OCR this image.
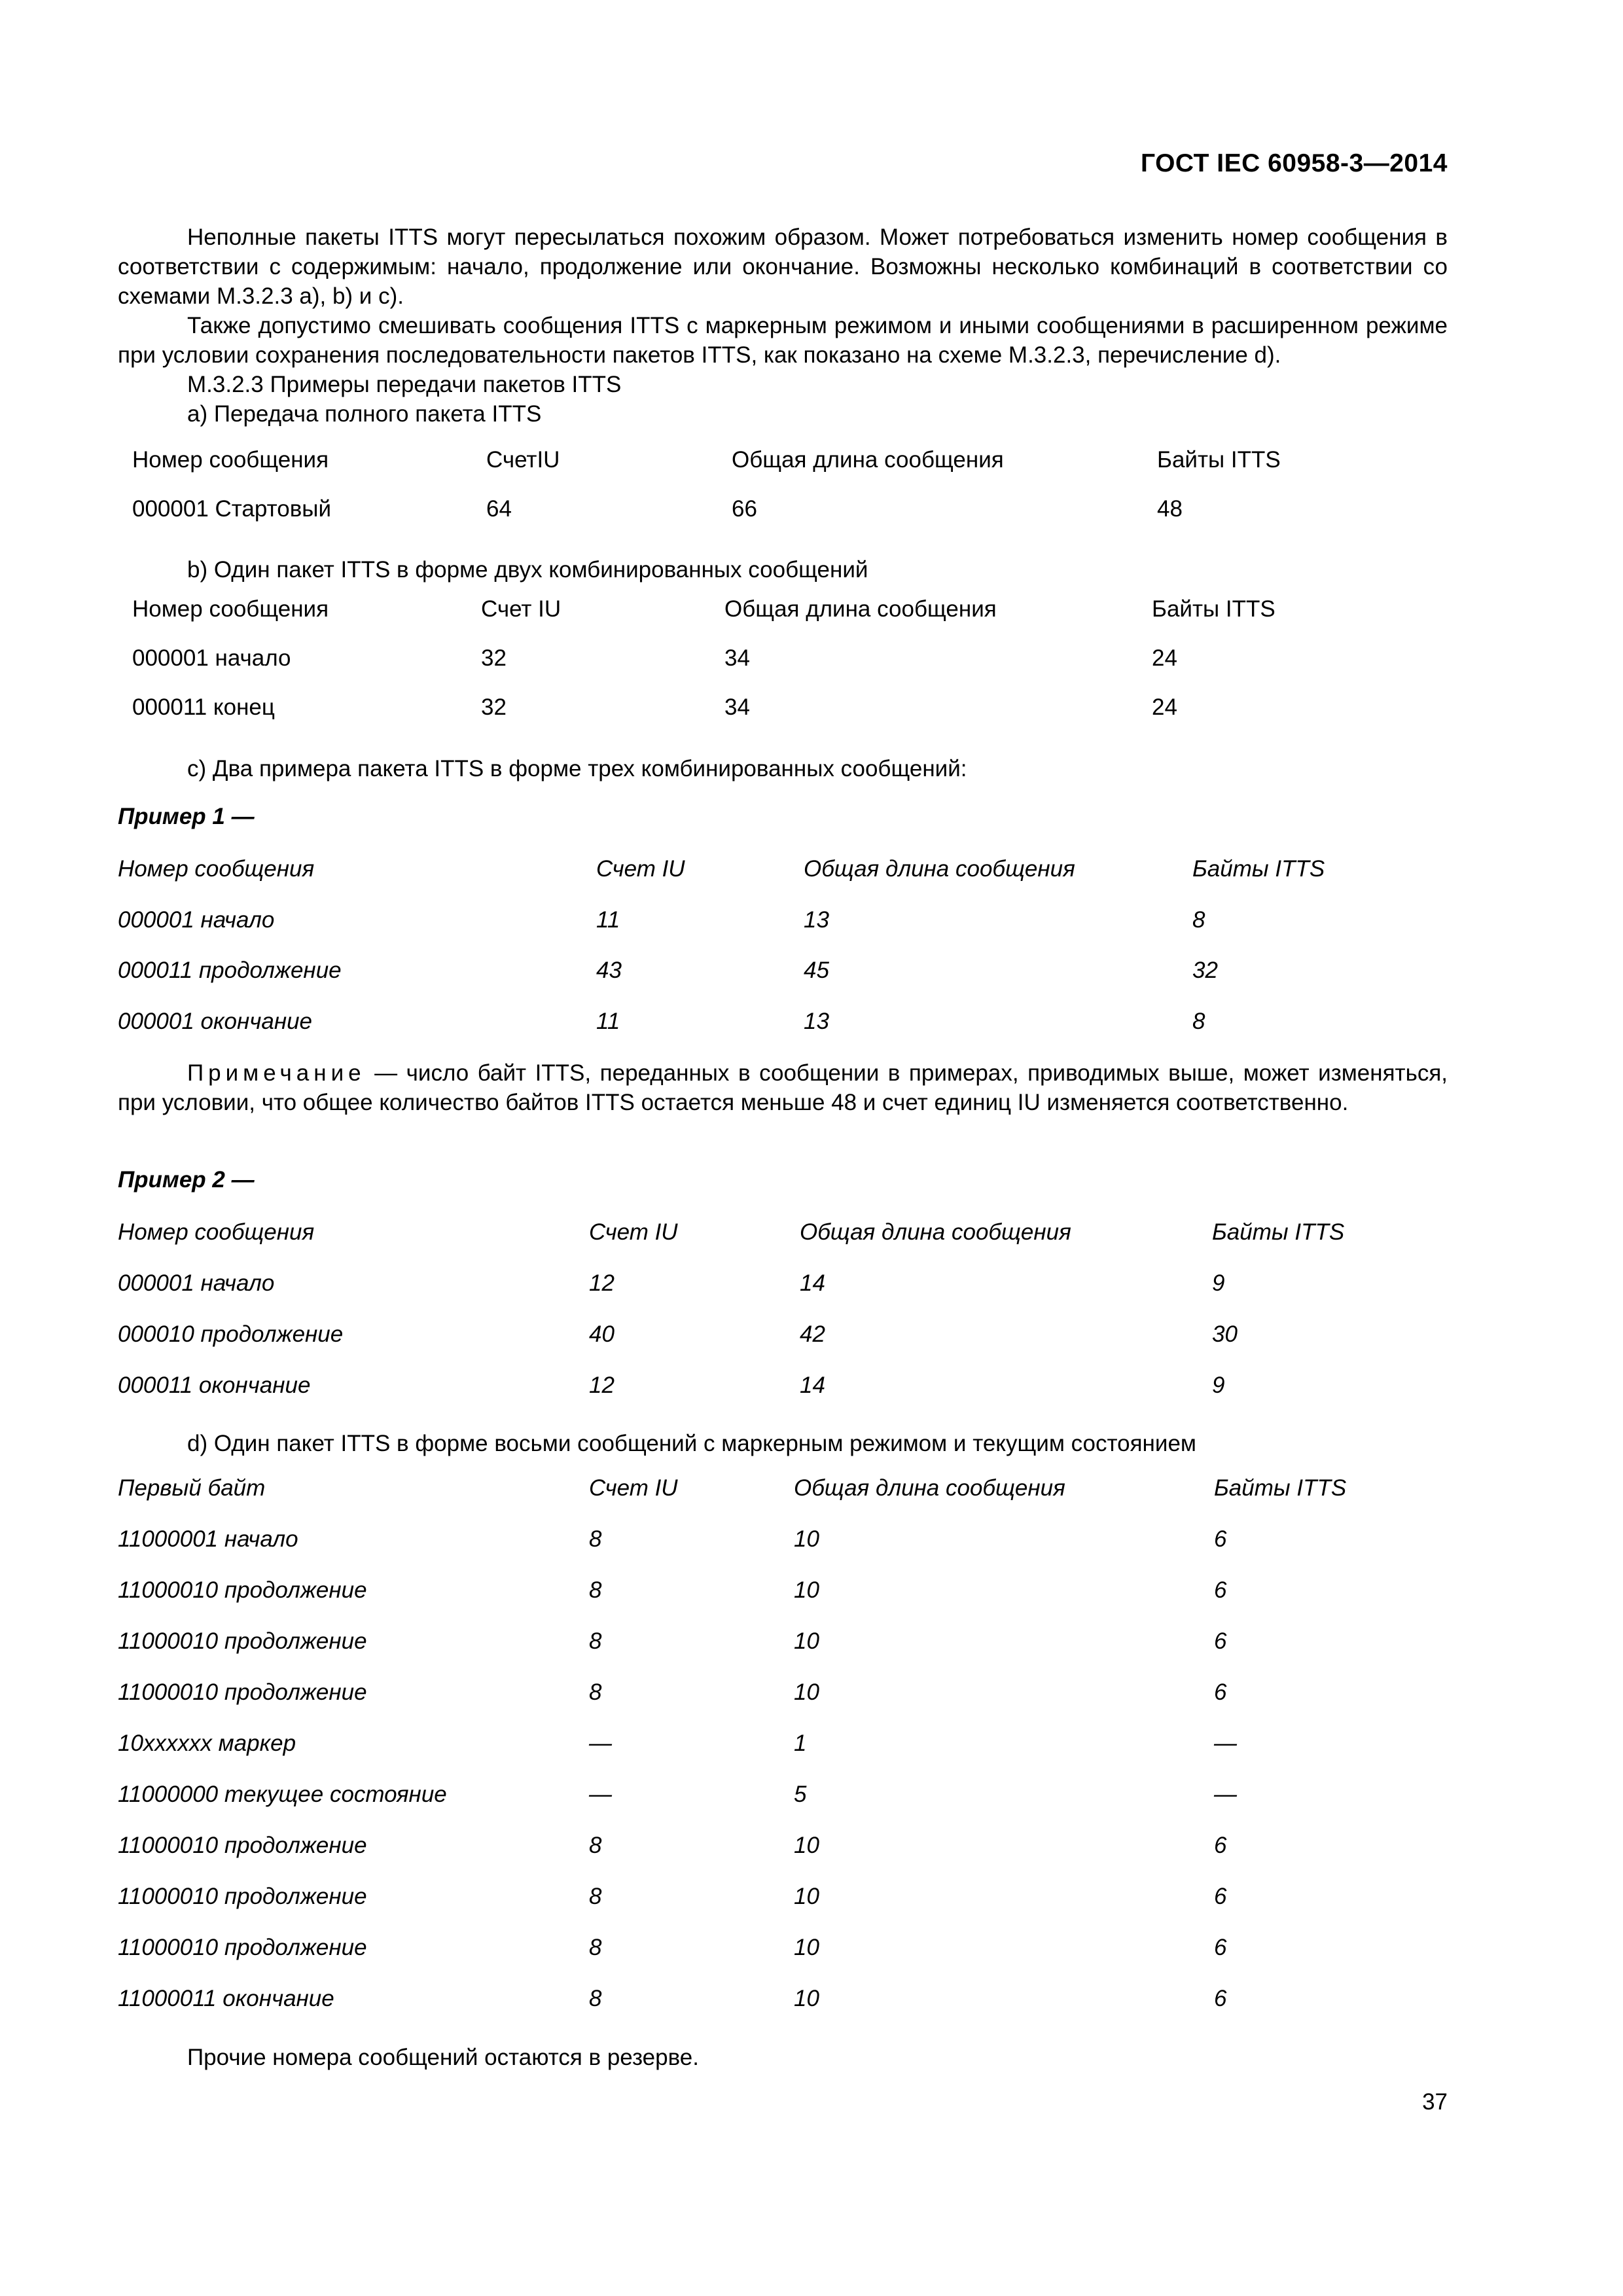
ГОСТ IEC 60958-3—2014

Неполные пакеты ITTS могут пересылаться похожим образом. Может потребоваться изменить номер сообщения в соответствии с содержимым: начало, продолжение или окончание. Возможны несколько комбинаций в соответствии со схемами М.3.2.3 a), b) и c).

Также допустимо смешивать сообщения ITTS с маркерным режимом и иными сообщениями в расширенном режиме при условии сохранения последовательности пакетов ITTS, как показано на схеме М.3.2.3, перечисление d).

М.3.2.3 Примеры передачи пакетов ITTS
a) Передача полного пакета ITTS
Номер сообщения	СчетIU	Общая длина сообщения	Байты ITTS
000001 Стартовый	64	66	48
b) Один пакет ITTS в форме двух комбинированных сообщений
Номер сообщения	Счет IU	Общая длина сообщения	Байты ITTS
000001 начало	32	34	24
000011 конец	32	34	24
c) Два примера пакета ITTS в форме трех комбинированных сообщений:
Пример 1 —
Номер сообщения	Счет IU	Общая длина сообщения	Байты ITTS
000001 начало	11	13	8
000011 продолжение	43	45	32
000001 окончание	11	13	8

Примечание — число байт ITTS, переданных в сообщении в примерах, приводимых выше, может изменяться, при условии, что общее количество байтов ITTS остается меньше 48 и счет единиц IU изменяется соответственно.

Пример 2 —
Номер сообщения	Счет IU	Общая длина сообщения	Байты ITTS
000001 начало	12	14	9
000010 продолжение	40	42	30
000011 окончание	12	14	9
d) Один пакет ITTS в форме восьми сообщений с маркерным режимом и текущим состоянием
Первый байт	Счет IU	Общая длина сообщения	Байты ITTS
11000001 начало	8	10	6
11000010 продолжение	8	10	6
11000010 продолжение	8	10	6
11000010 продолжение	8	10	6
10xxxxxx маркер	—	1	—
11000000 текущее состояние	—	5	—
11000010 продолжение	8	10	6
11000010 продолжение	8	10	6
11000010 продолжение	8	10	6
11000011 окончание	8	10	6
Прочие номера сообщений остаются в резерве.
37
